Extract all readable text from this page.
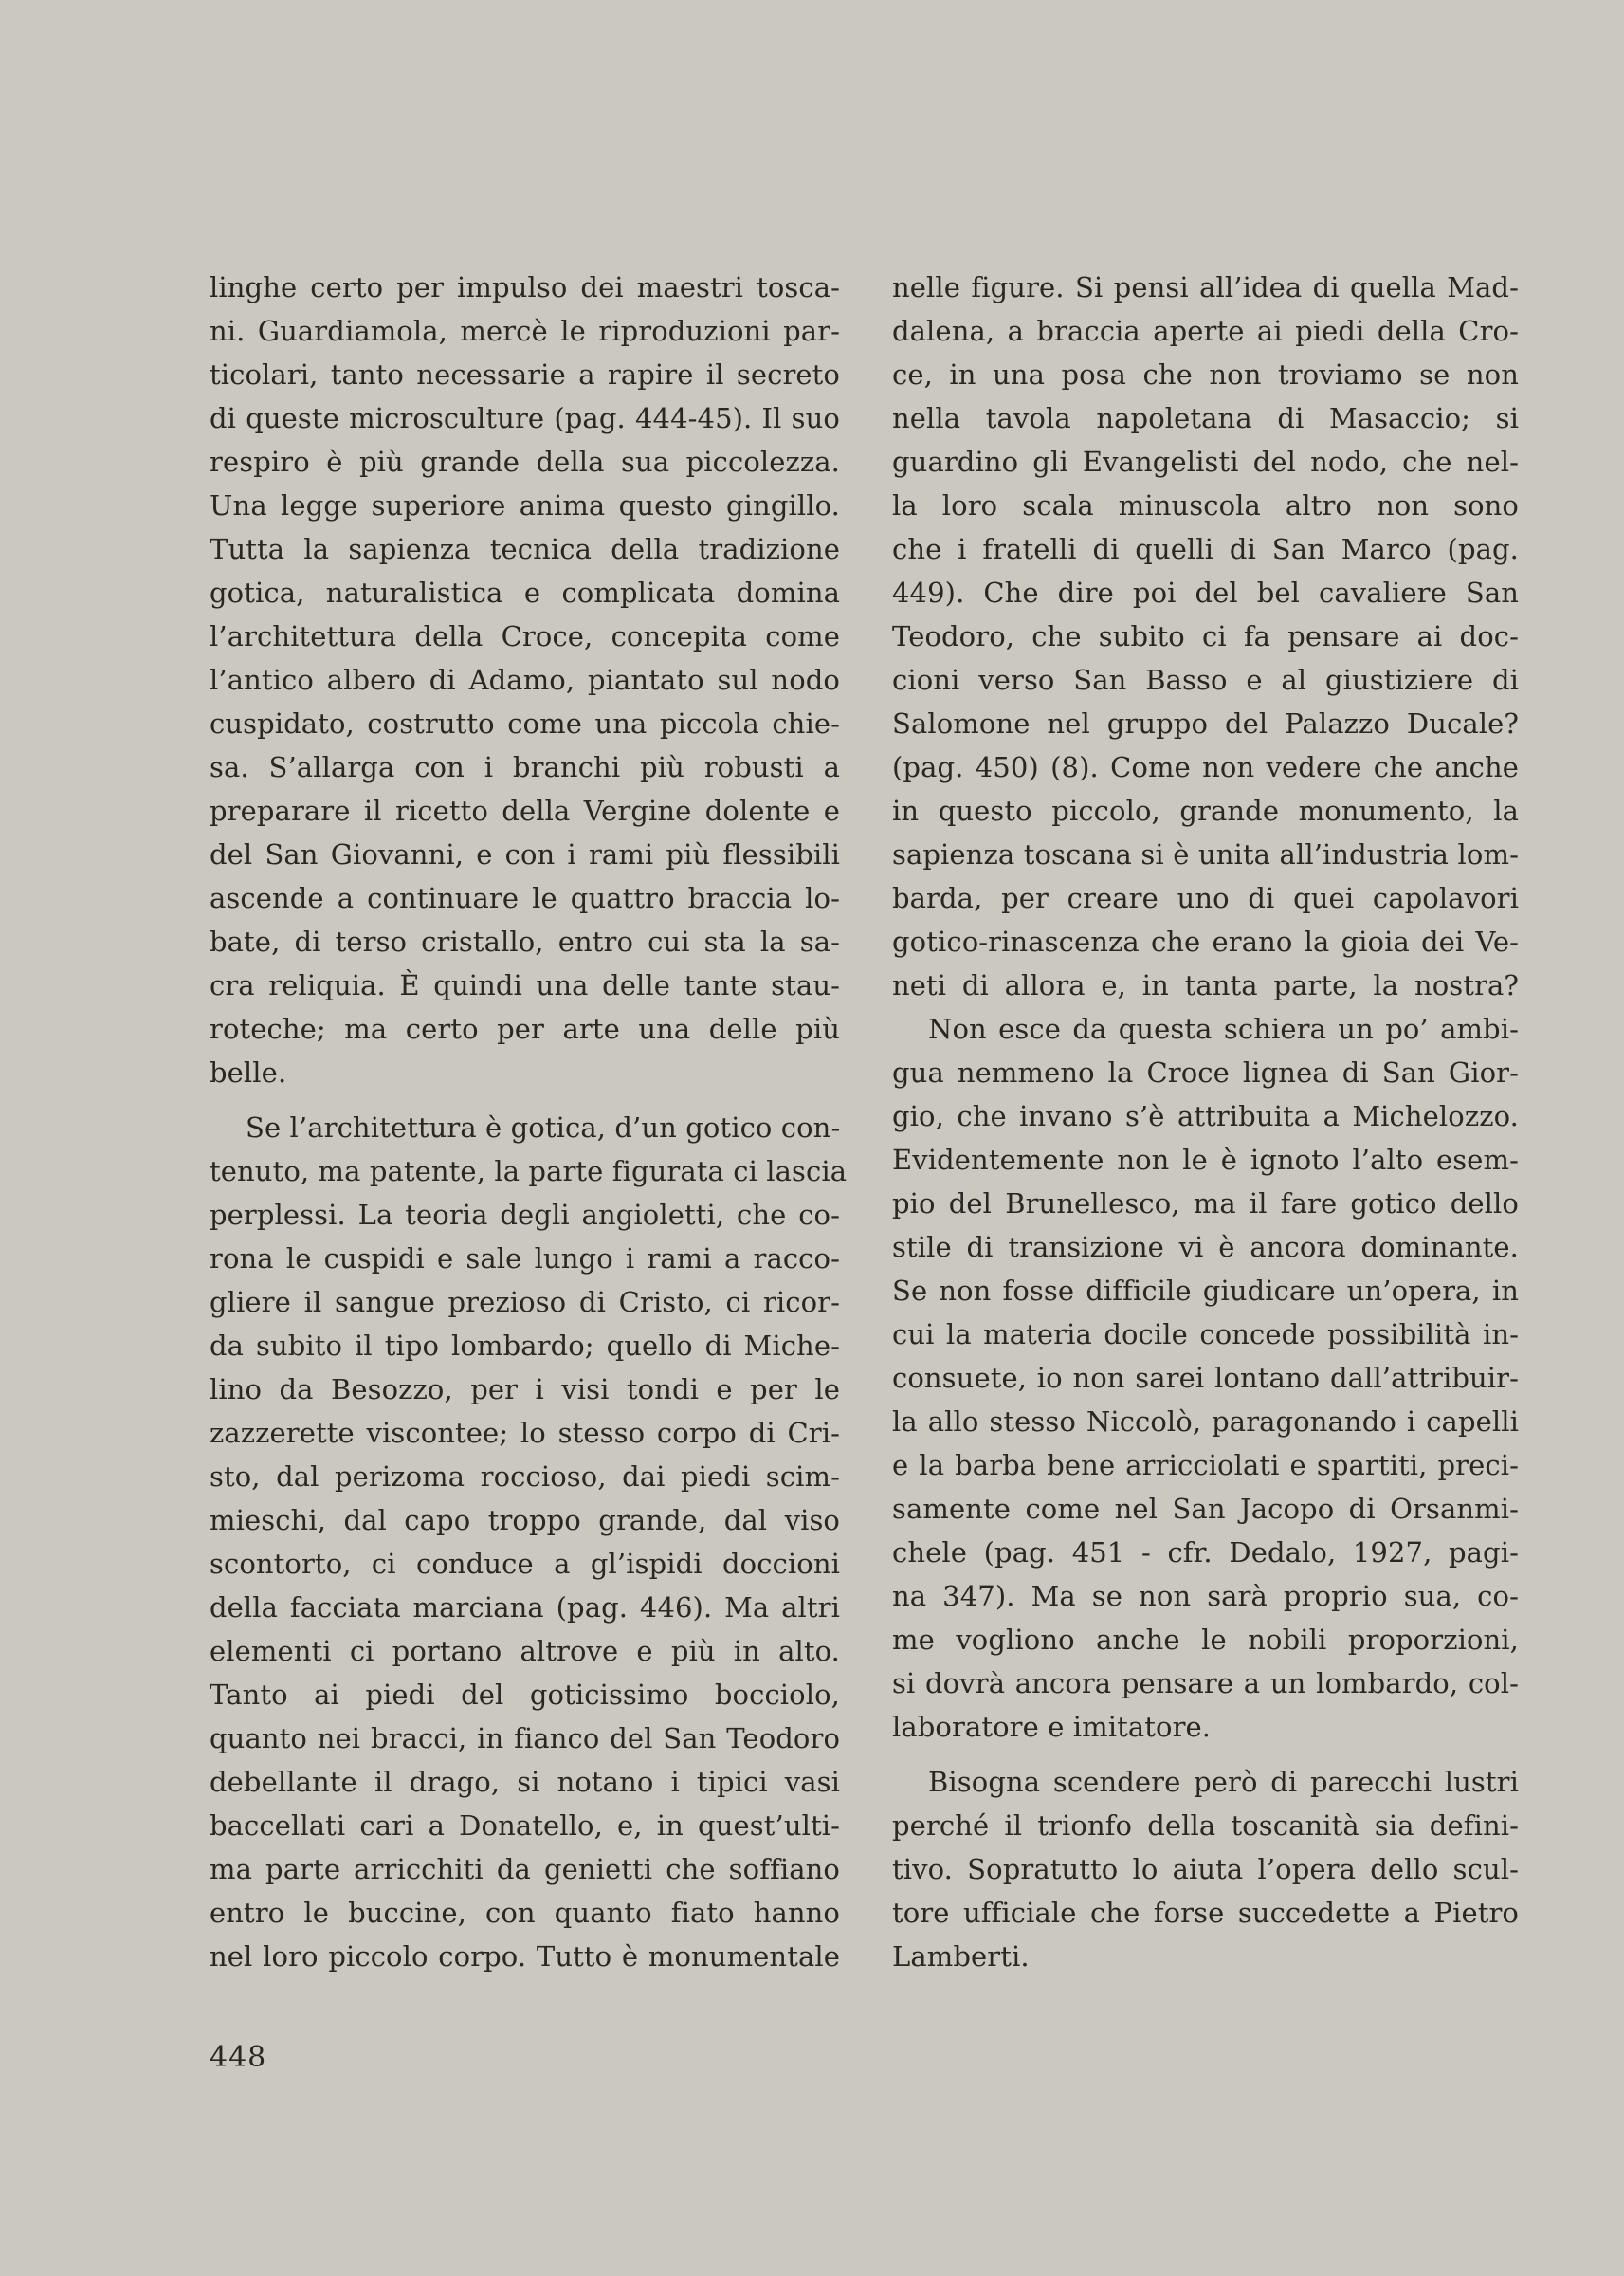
linghe certo per impulso dei maestri tosca-
ni. Guardiamola, mercè le riproduzioni par-
ticolari, tanto necessarie a rapire il secreto
di queste microsculture (pag. 444-45). Il suo
respiro è più grande della sua piccolezza.
Una legge superiore anima questo gingillo.
Tutta la sapienza tecnica della tradizione
gotica, naturalistica e complicata domina
l’architettura della Croce, concepita come
l’antico albero di Adamo, piantato sul nodo
cuspidato, costrutto come una piccola chie-
sa. S’allarga con i branchi più robusti a
preparare il ricetto della Vergine dolente e
del San Giovanni, e con i rami più flessibili
ascende a continuare le quattro braccia lo-
bate, di terso cristallo, entro cui sta la sa-
cra reliquia. È quindi una delle tante stau-
roteche; ma certo per arte una delle più
belle.
Se l’architettura è gotica, d’un gotico con-
tenuto, ma patente, la parte figurata ci lascia
perplessi. La teoria degli angioletti, che co-
rona le cuspidi e sale lungo i rami a racco-
gliere il sangue prezioso di Cristo, ci ricor-
da subito il tipo lombardo; quello di Miche-
lino da Besozzo, per i visi tondi e per le
zazzerette viscontee; lo stesso corpo di Cri-
sto, dal perizoma roccioso, dai piedi scim-
mieschi, dal capo troppo grande, dal viso
scontorto, ci conduce a gl’ispidi doccioni
della facciata marciana (pag. 446). Ma altri
elementi ci portano altrove e più in alto.
Tanto ai piedi del goticissimo bocciolo,
quanto nei bracci, in fianco del San Teodoro
debellante il drago, si notano i tipici vasi
baccellati cari a Donatello, e, in quest’ulti-
ma parte arricchiti da genietti che soffiano
entro le buccine, con quanto fiato hanno
nel loro piccolo corpo. Tutto è monumentale
nelle figure. Si pensi all’idea di quella Mad-
dalena, a braccia aperte ai piedi della Cro-
ce, in una posa che non troviamo se non
nella tavola napoletana di Masaccio; si
guardino gli Evangelisti del nodo, che nel-
la loro scala minuscola altro non sono
che i fratelli di quelli di San Marco (pag.
449). Che dire poi del bel cavaliere San
Teodoro, che subito ci fa pensare ai doc-
cioni verso San Basso e al giustiziere di
Salomone nel gruppo del Palazzo Ducale?
(pag. 450) (8). Come non vedere che anche
in questo piccolo, grande monumento, la
sapienza toscana si è unita all’industria lom-
barda, per creare uno di quei capolavori
gotico-rinascenza che erano la gioia dei Ve-
neti di allora e, in tanta parte, la nostra?
Non esce da questa schiera un po’ ambi-
gua nemmeno la Croce lignea di San Gior-
gio, che invano s’è attribuita a Michelozzo.
Evidentemente non le è ignoto l’alto esem-
pio del Brunellesco, ma il fare gotico dello
stile di transizione vi è ancora dominante.
Se non fosse difficile giudicare un’opera, in
cui la materia docile concede possibilità in-
consuete, io non sarei lontano dall’attribuir-
la allo stesso Niccolò, paragonando i capelli
e la barba bene arricciolati e spartiti, preci-
samente come nel San Jacopo di Orsanmi-
chele (pag. 451 - cfr. Dedalo, 1927, pagi-
na 347). Ma se non sarà proprio sua, co-
me vogliono anche le nobili proporzioni,
si dovrà ancora pensare a un lombardo, col-
laboratore e imitatore.
Bisogna scendere però di parecchi lustri
perché il trionfo della toscanità sia defini-
tivo. Sopratutto lo aiuta l’opera dello scul-
tore ufficiale che forse succedette a Pietro
Lamberti.
448
